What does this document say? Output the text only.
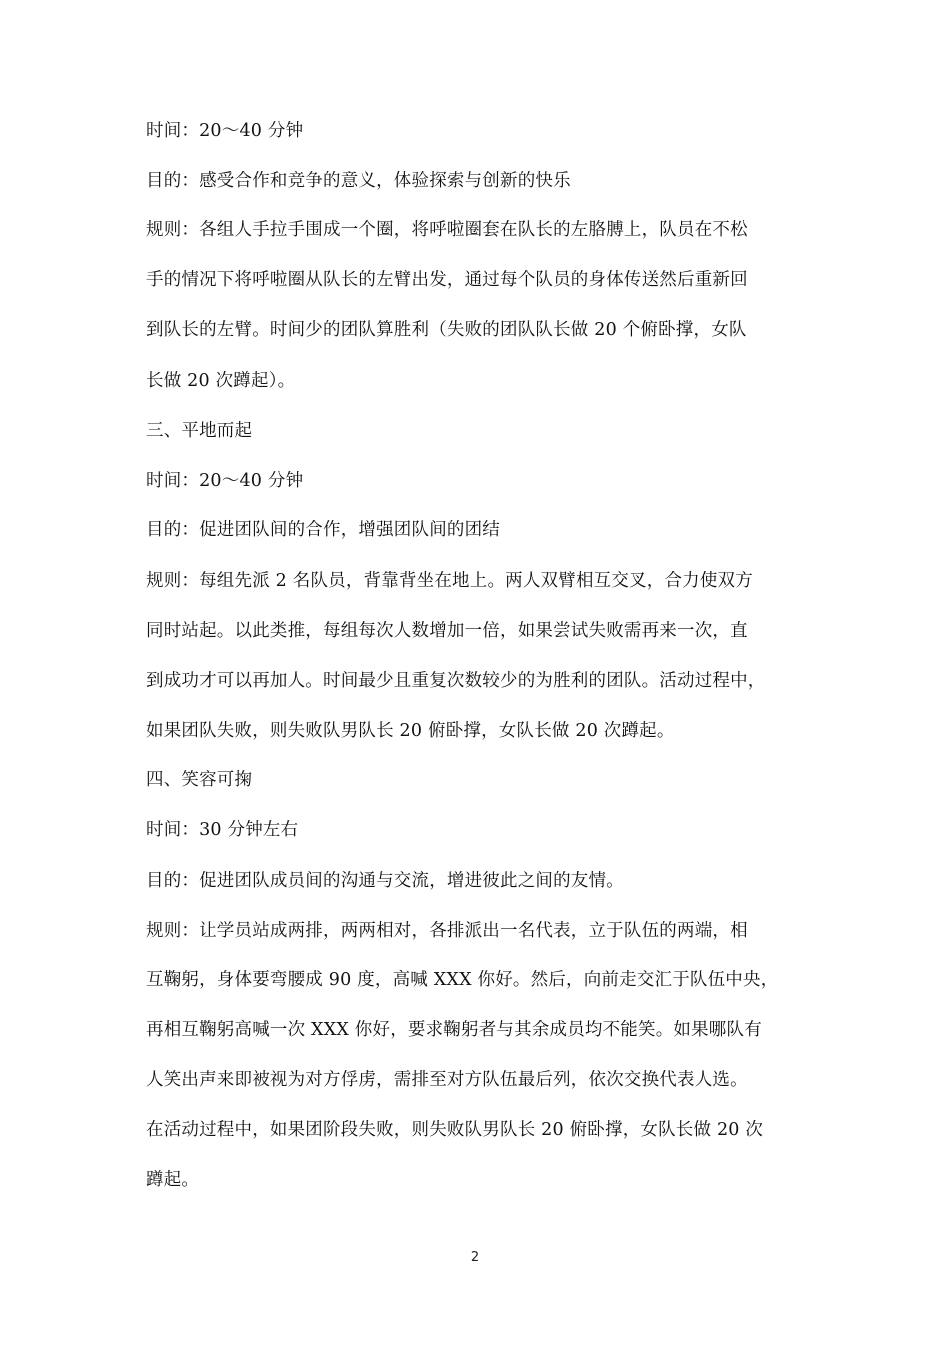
时间：20～40 分钟
目的：感受合作和竞争的意义，体验探索与创新的快乐
规则：各组人手拉手围成一个圈，将呼啦圈套在队长的左胳膊上，队员在不松
手的情况下将呼啦圈从队长的左臂出发，通过每个队员的身体传送然后重新回
到队长的左臂。时间少的团队算胜利（失败的团队队长做 20 个俯卧撑，女队
长做 20 次蹲起）。
三、平地而起
时间：20～40 分钟
目的：促进团队间的合作，增强团队间的团结
规则：每组先派 2 名队员，背靠背坐在地上。两人双臂相互交叉，合力使双方
同时站起。以此类推，每组每次人数增加一倍，如果尝试失败需再来一次，直
到成功才可以再加人。时间最少且重复次数较少的为胜利的团队。活动过程中，
如果团队失败，则失败队男队长 20 俯卧撑，女队长做 20 次蹲起。
四、笑容可掬
时间：30 分钟左右
目的：促进团队成员间的沟通与交流，增进彼此之间的友情。
规则：让学员站成两排，两两相对，各排派出一名代表，立于队伍的两端，相
互鞠躬，身体要弯腰成 90 度，高喊 XXX 你好。然后，向前走交汇于队伍中央，
再相互鞠躬高喊一次 XXX 你好，要求鞠躬者与其余成员均不能笑。如果哪队有
人笑出声来即被视为对方俘虏，需排至对方队伍最后列，依次交换代表人选。
在活动过程中，如果团阶段失败，则失败队男队长 20 俯卧撑，女队长做 20 次
蹲起。
2
